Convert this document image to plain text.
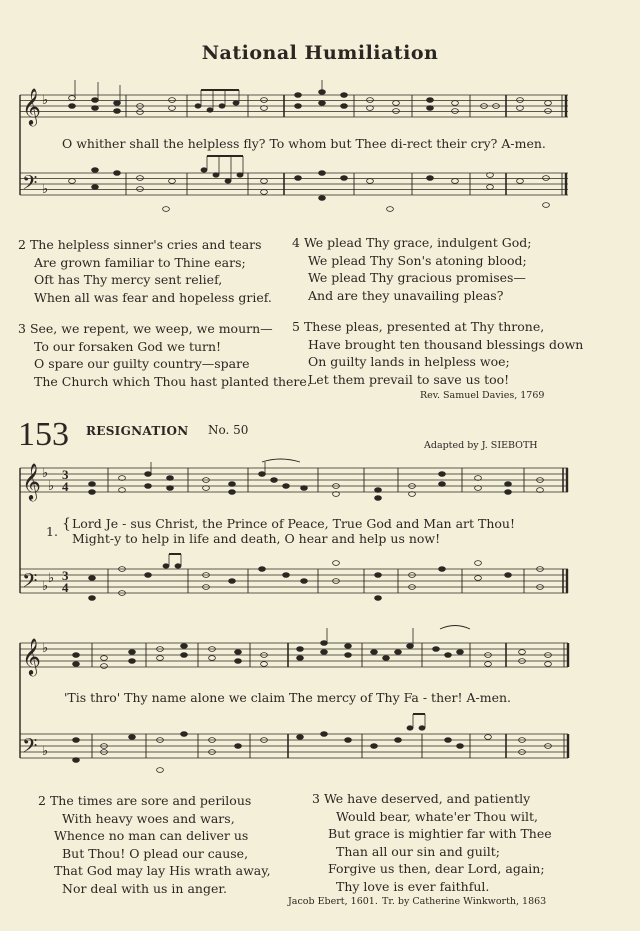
National Humiliation
𝄞
𝄢
♭
♭
𝄞
𝄢
♭
♭
♭
♭
𝄞
𝄢
♭
♭
3
4
3
4
O whither shall the helpless fly? To whom but Thee di-rect their cry? A-men.
2 The helpless sinner's cries and tears
Are grown familiar to Thine ears;
Oft has Thy mercy sent relief,
When all was fear and hopeless grief.
3 See, we repent, we weep, we mourn—
To our forsaken God we turn!
O spare our guilty country—spare
The Church which Thou hast planted there.
4 We plead Thy grace, indulgent God;
We plead Thy Son's atoning blood;
We plead Thy gracious promises—
And are they unavailing pleas?
5 These pleas, presented at Thy throne,
Have brought ten thousand blessings down
On guilty lands in helpless woe;
Let them prevail to save us too!
Rev. Samuel Davies, 1769
153 RESIGNATION No. 50
Adapted by J. SIEBOTH
1. { Lord Je - sus Christ, the Prince of Peace, True God and Man art Thou!
Might-y to help in life and death, O hear and help us now!
'Tis thro' Thy name alone we claim The mercy of Thy Fa - ther! A-men.
2 The times are sore and perilous
With heavy woes and wars,
Whence no man can deliver us
But Thou! O plead our cause,
That God may lay His wrath away,
Nor deal with us in anger.
3 We have deserved, and patiently
Would bear, whate'er Thou wilt,
But grace is mightier far with Thee
Than all our sin and guilt;
Forgive us then, dear Lord, again;
Thy love is ever faithful.
Jacob Ebert, 1601. Tr. by Catherine Winkworth, 1863
